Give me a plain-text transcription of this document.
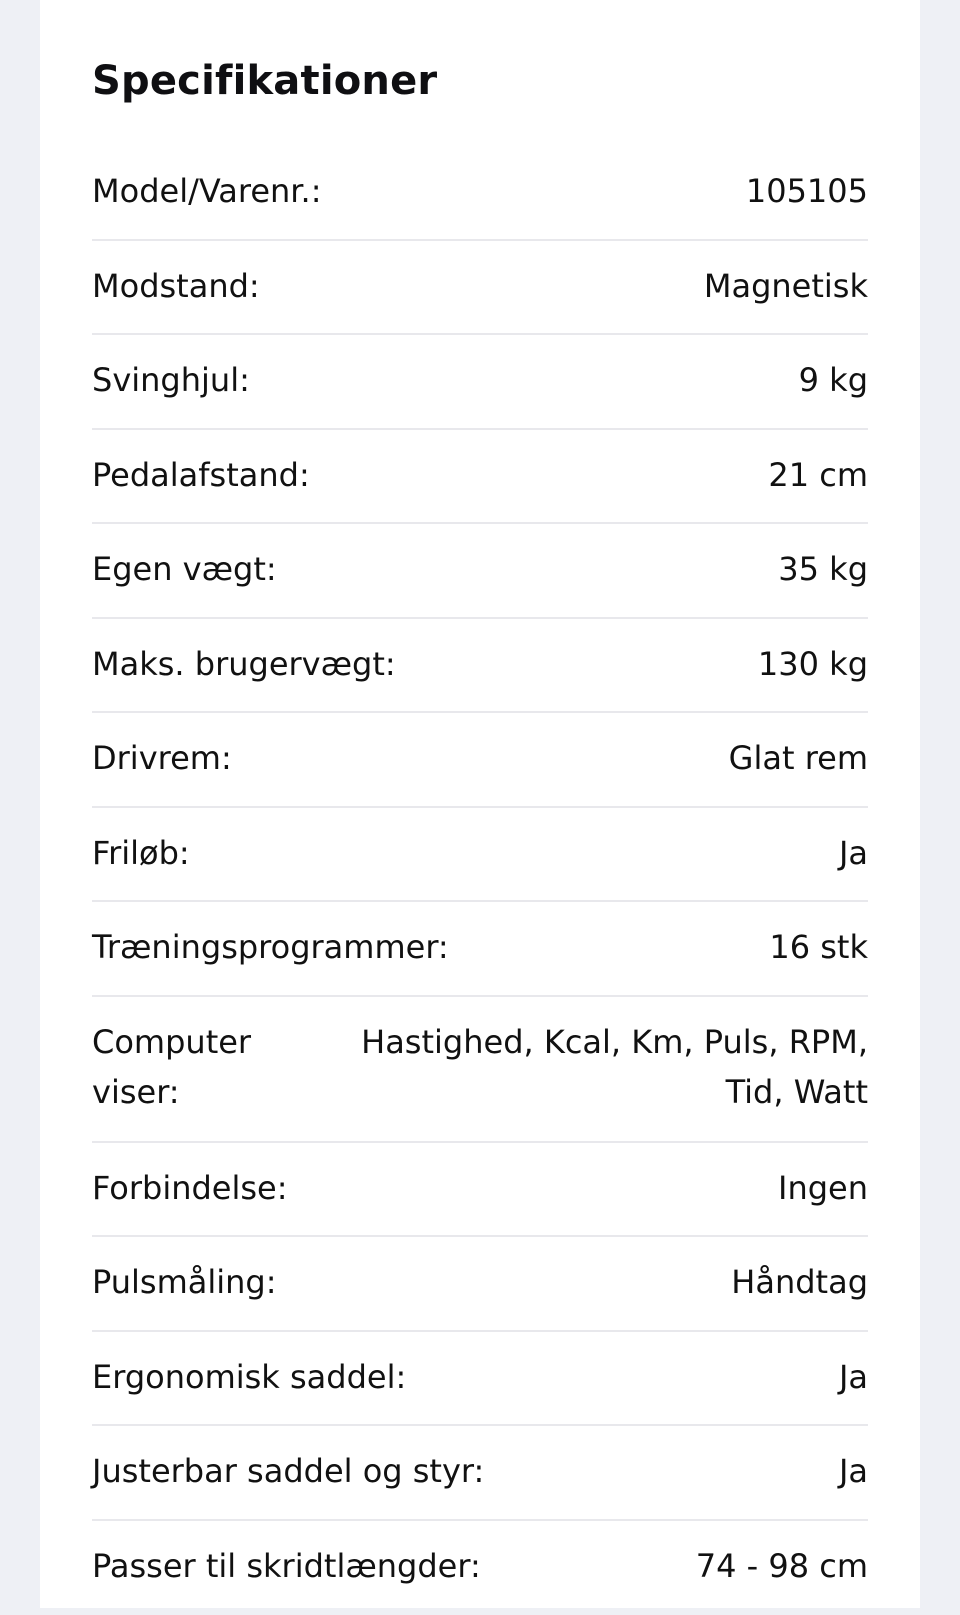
Specifikationer
Model/Varenr.:	105105
Modstand:	Magnetisk
Svinghjul:	9 kg
Pedalafstand:	21 cm
Egen vægt:	35 kg
Maks. brugervægt:	130 kg
Drivrem:	Glat rem
Friløb:	Ja
Træningsprogrammer:	16 stk
Computer viser:
Hastighed, Kcal, Km, Puls, RPM, Tid, Watt
Forbindelse:	Ingen
Pulsmåling:	Håndtag
Ergonomisk saddel:	Ja
Justerbar saddel og styr:	Ja
Passer til skridtlængder:	74 - 98 cm
